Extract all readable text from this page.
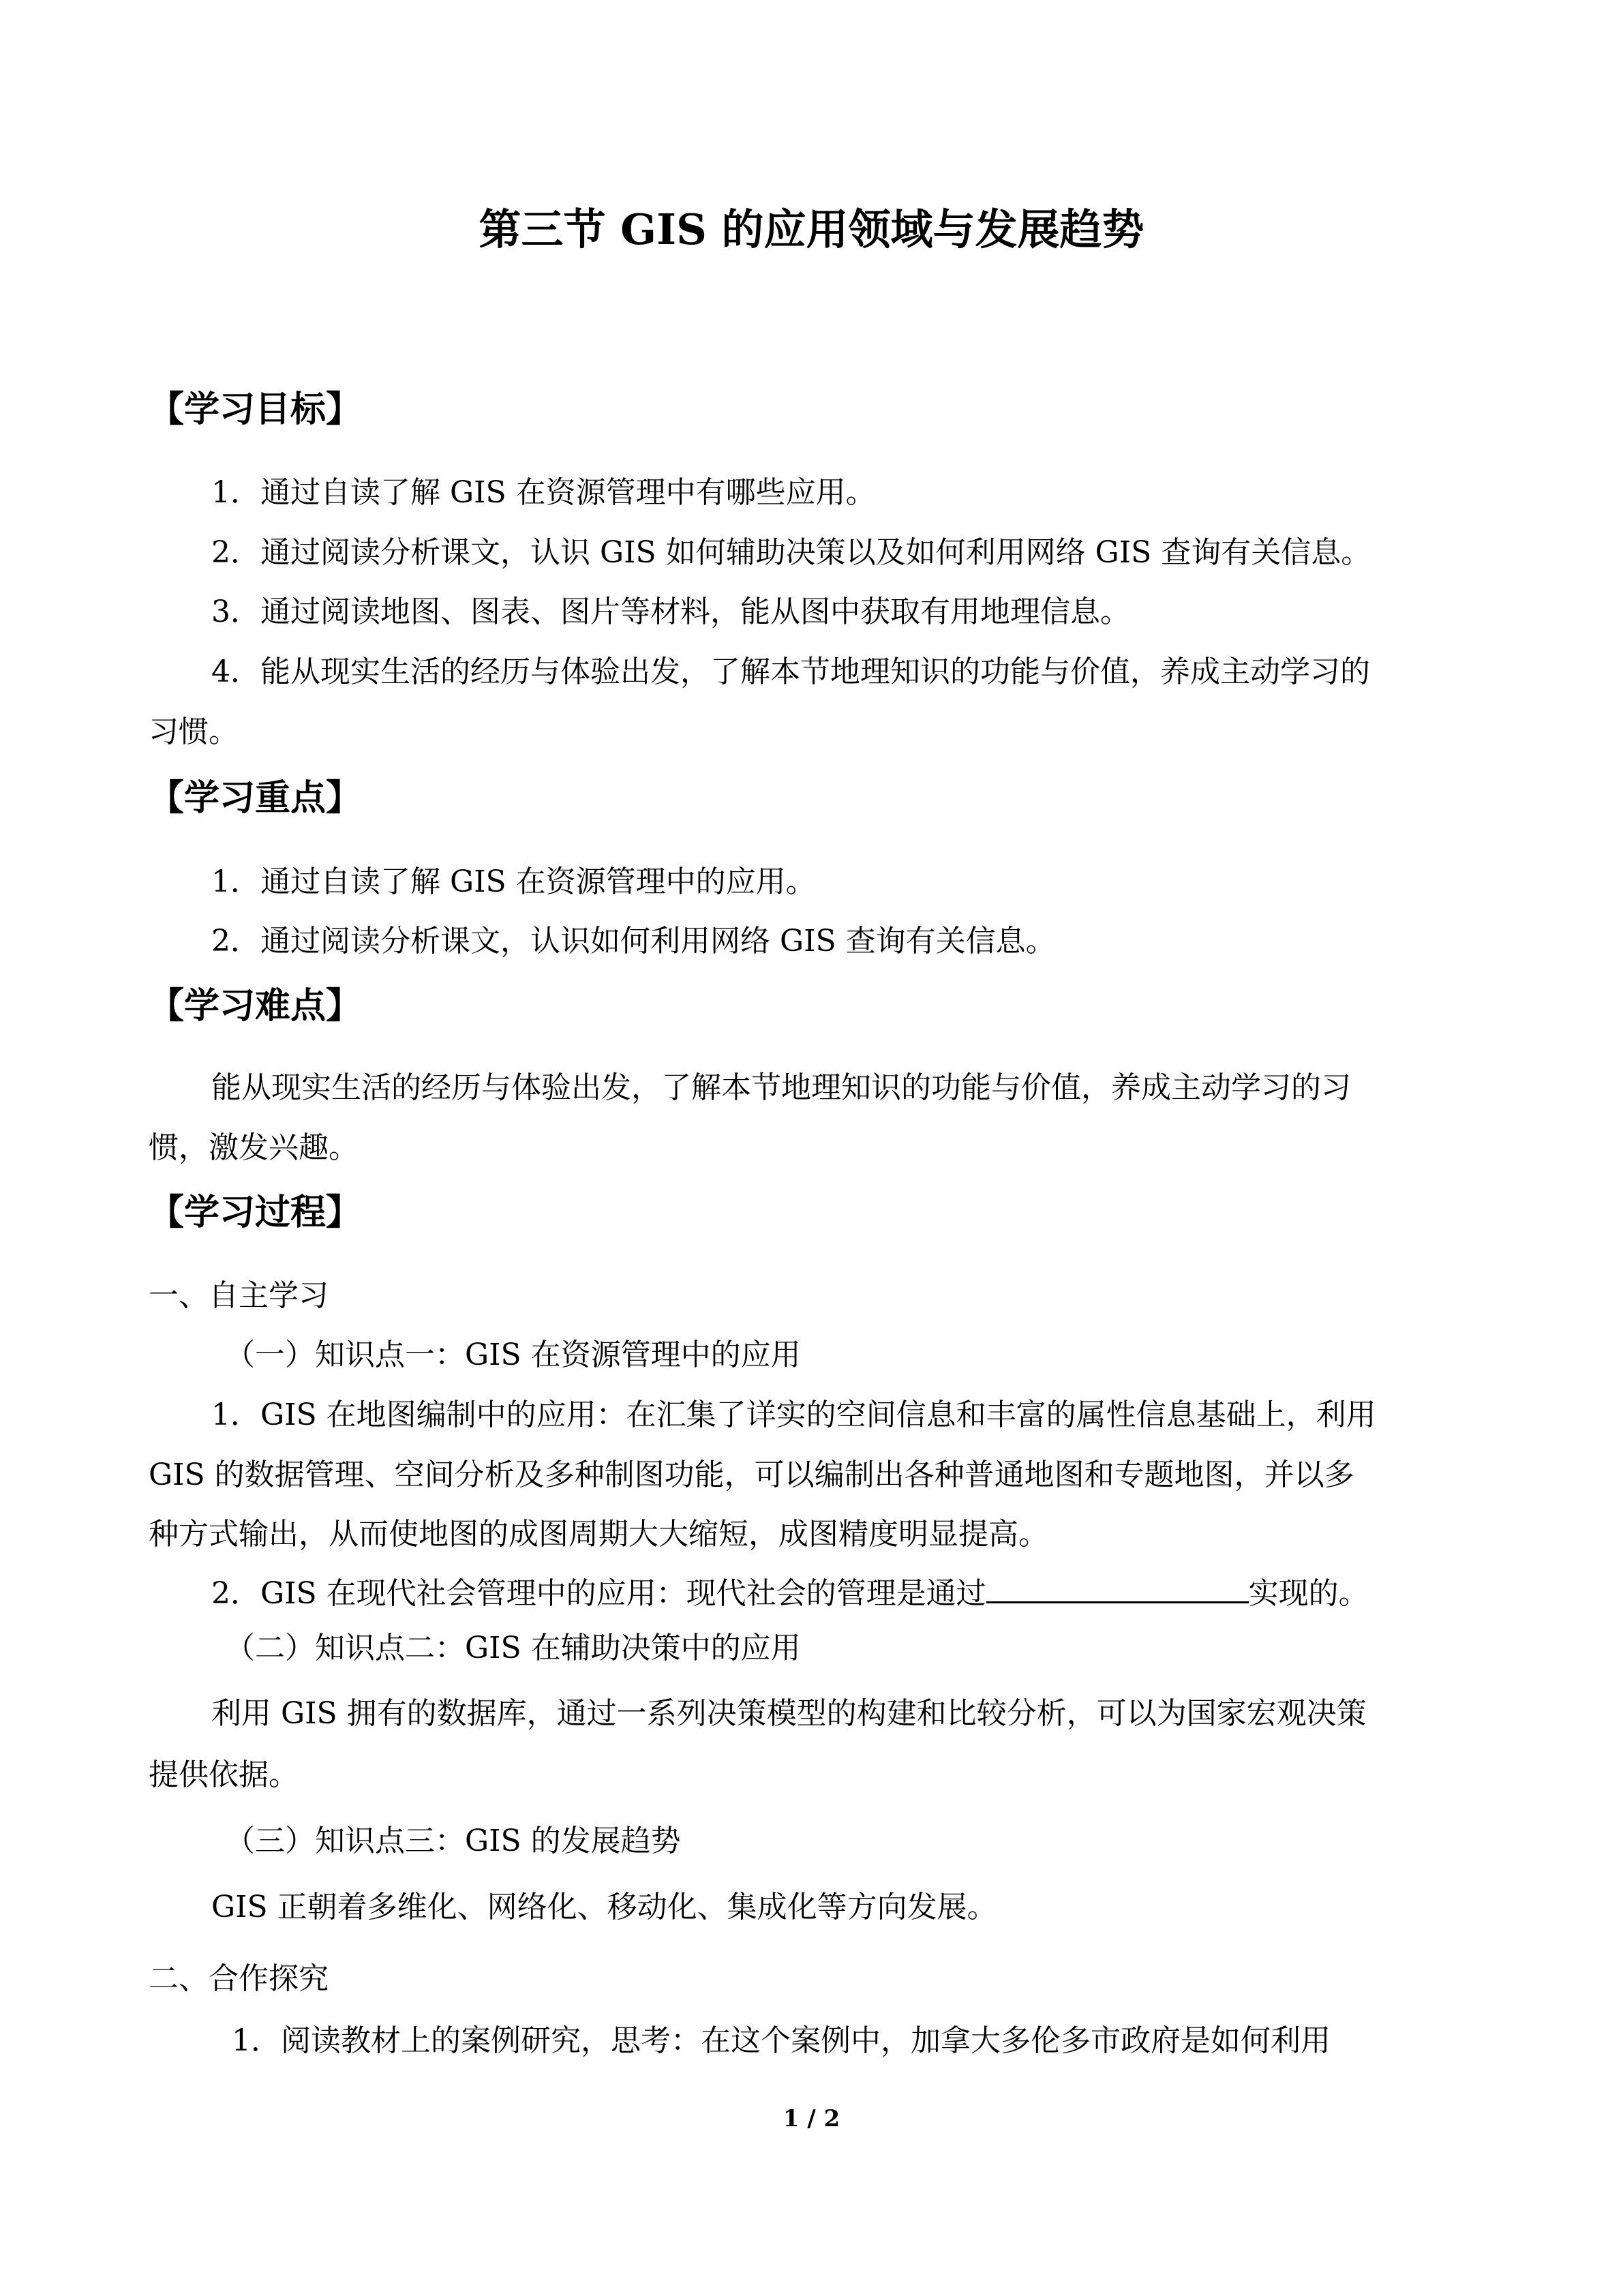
第三节 GIS 的应用领域与发展趋势
【学习目标】
1．通过自读了解 GIS 在资源管理中有哪些应用。
2．通过阅读分析课文，认识 GIS 如何辅助决策以及如何利用网络 GIS 查询有关信息。
3．通过阅读地图、图表、图片等材料，能从图中获取有用地理信息。
4．能从现实生活的经历与体验出发，了解本节地理知识的功能与价值，养成主动学习的
习惯。
【学习重点】
1．通过自读了解 GIS 在资源管理中的应用。
2．通过阅读分析课文，认识如何利用网络 GIS 查询有关信息。
【学习难点】
能从现实生活的经历与体验出发，了解本节地理知识的功能与价值，养成主动学习的习
惯，激发兴趣。
【学习过程】
一、自主学习
（一）知识点一：GIS 在资源管理中的应用
1．GIS 在地图编制中的应用：在汇集了详实的空间信息和丰富的属性信息基础上，利用
GIS 的数据管理、空间分析及多种制图功能，可以编制出各种普通地图和专题地图，并以多
种方式输出，从而使地图的成图周期大大缩短，成图精度明显提高。
2．GIS 在现代社会管理中的应用：现代社会的管理是通过	实现的。
（二）知识点二：GIS 在辅助决策中的应用
利用 GIS 拥有的数据库，通过一系列决策模型的构建和比较分析，可以为国家宏观决策
提供依据。
（三）知识点三：GIS 的发展趋势
GIS 正朝着多维化、网络化、移动化、集成化等方向发展。
二、合作探究
1．阅读教材上的案例研究，思考：在这个案例中，加拿大多伦多市政府是如何利用
1 / 2
